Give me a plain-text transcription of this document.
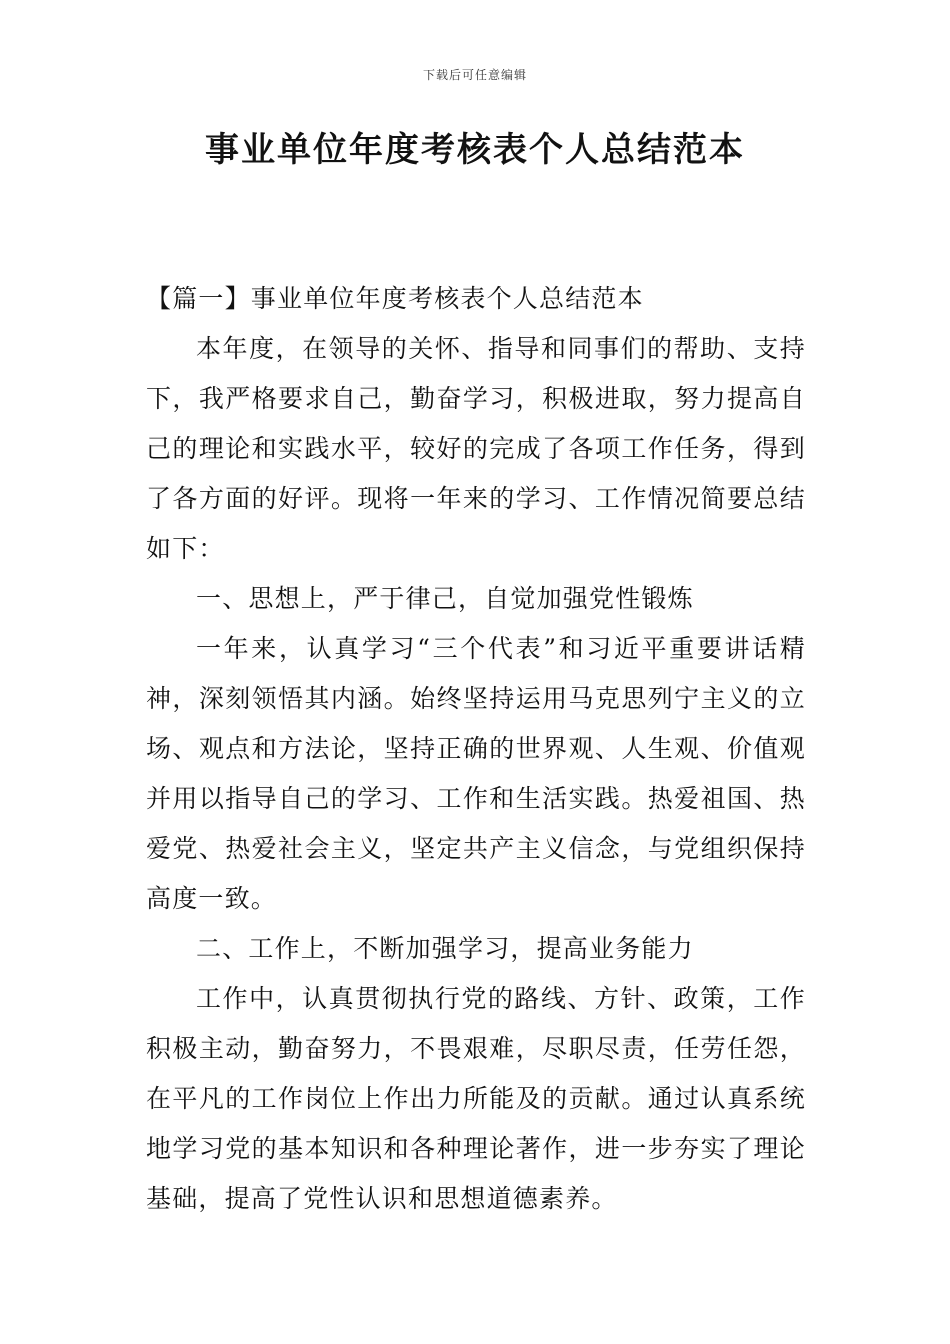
下载后可任意编辑
事业单位年度考核表个人总结范本

【篇一】事业单位年度考核表个人总结范本

本年度，在领导的关怀、指导和同事们的帮助、支持下，我严格要求自己，勤奋学习，积极进取，努力提高自己的理论和实践水平，较好的完成了各项工作任务，得到了各方面的好评。现将一年来的学习、工作情况简要总结如下：

一、思想上，严于律己，自觉加强党性锻炼

一年来，认真学习“三个代表”和习近平重要讲话精神，深刻领悟其内涵。始终坚持运用马克思列宁主义的立场、观点和方法论，坚持正确的世界观、人生观、价值观并用以指导自己的学习、工作和生活实践。热爱祖国、热爱党、热爱社会主义，坚定共产主义信念，与党组织保持高度一致。

二、工作上，不断加强学习，提高业务能力

工作中，认真贯彻执行党的路线、方针、政策，工作积极主动，勤奋努力，不畏艰难，尽职尽责，任劳任怨，在平凡的工作岗位上作出力所能及的贡献。通过认真系统地学习党的基本知识和各种理论著作，进一步夯实了理论基础，提高了党性认识和思想道德素养。
